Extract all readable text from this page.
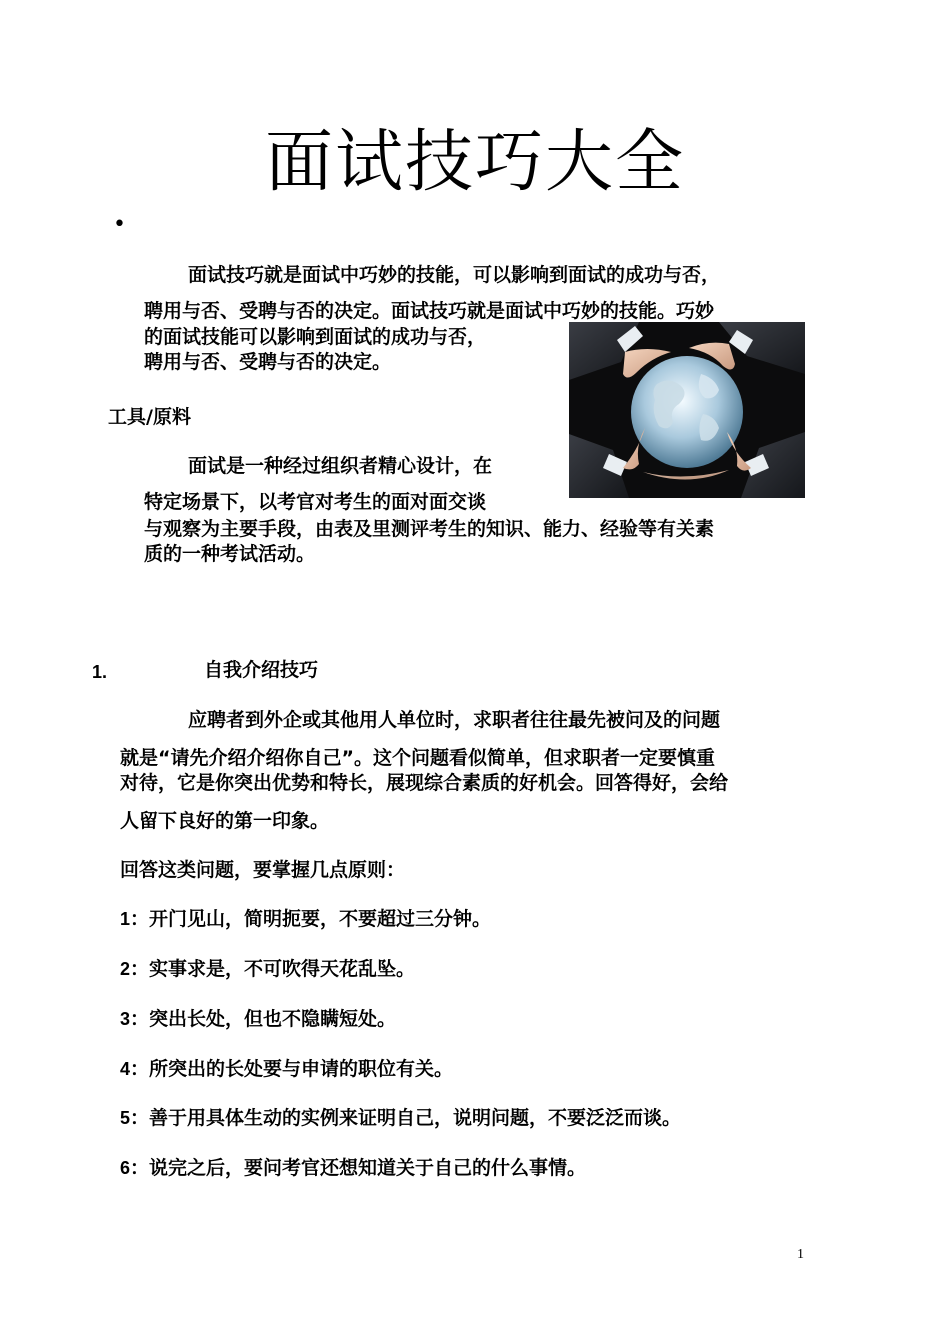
面试技巧大全
•
面试技巧就是面试中巧妙的技能，可以影响到面试的成功与否，
聘用与否、受聘与否的决定。面试技巧就是面试中巧妙的技能。巧妙
的面试技能可以影响到面试的成功与否，
聘用与否、受聘与否的决定。
工具/原料
面试是一种经过组织者精心设计，在
特定场景下，以考官对考生的面对面交谈
与观察为主要手段，由表及里测评考生的知识、能力、经验等有关素
质的一种考试活动。
1.	自我介绍技巧
应聘者到外企或其他用人单位时，求职者往往最先被问及的问题
就是“请先介绍介绍你自己”。这个问题看似简单，但求职者一定要慎重
对待，它是你突出优势和特长，展现综合素质的好机会。回答得好，会给
人留下良好的第一印象。
回答这类问题，要掌握几点原则：
1：开门见山，简明扼要，不要超过三分钟。
2：实事求是，不可吹得天花乱坠。
3：突出长处，但也不隐瞒短处。
4：所突出的长处要与申请的职位有关。
5：善于用具体生动的实例来证明自己，说明问题，不要泛泛而谈。
6：说完之后，要问考官还想知道关于自己的什么事情。
1
